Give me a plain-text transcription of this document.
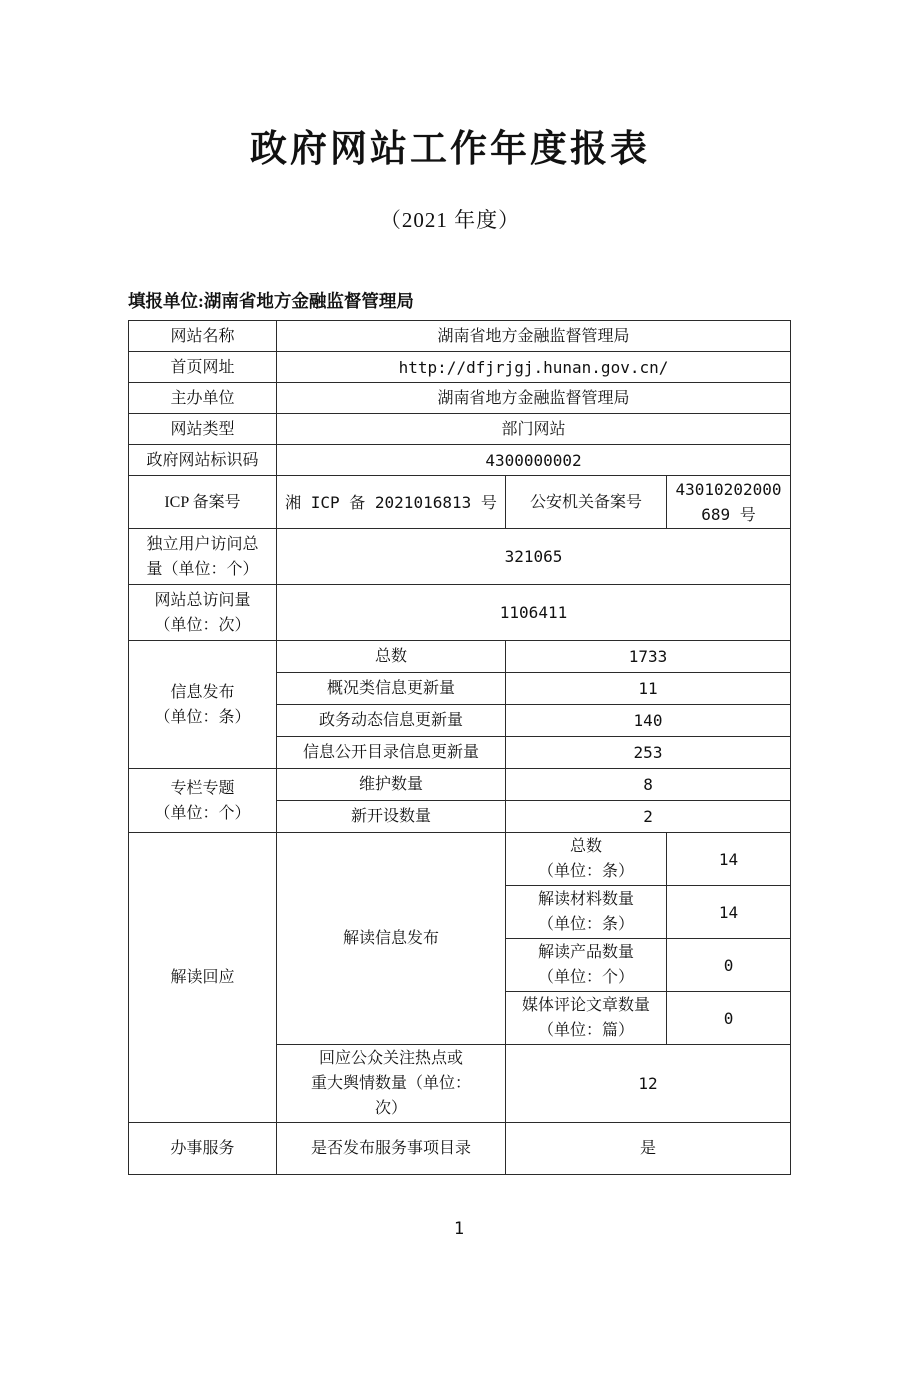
政府网站工作年度报表
（2021 年度）
填报单位:湖南省地方金融监督管理局
网站名称	湖南省地方金融监督管理局		
首页网址	http://dfjrjgj.hunan.gov.cn/		
主办单位	湖南省地方金融监督管理局		
网站类型	部门网站		
政府网站标识码	4300000002		
ICP 备案号	湘 ICP 备 2021016813 号	公安机关备案号	43010202000
689 号

独立用户访问总
量（单位：个）	321065		

网站总访问量
（单位：次）	1106411		

信息发布
（单位：条）	总数	1733	
	概况类信息更新量	11	
	政务动态信息更新量	140	
	信息公开目录信息更新量	253	

专栏专题
（单位：个）	维护数量	8	
	新开设数量	2	
解读回应	解读信息发布	总数
（单位：条）	14

		解读材料数量
（单位：条）	14

		解读产品数量
（单位：个）	0

		媒体评论文章数量
（单位：篇）	0

	回应公众关注热点或
重大舆情数量（单位：
次）	12	
办事服务	是否发布服务事项目录	是	
1
